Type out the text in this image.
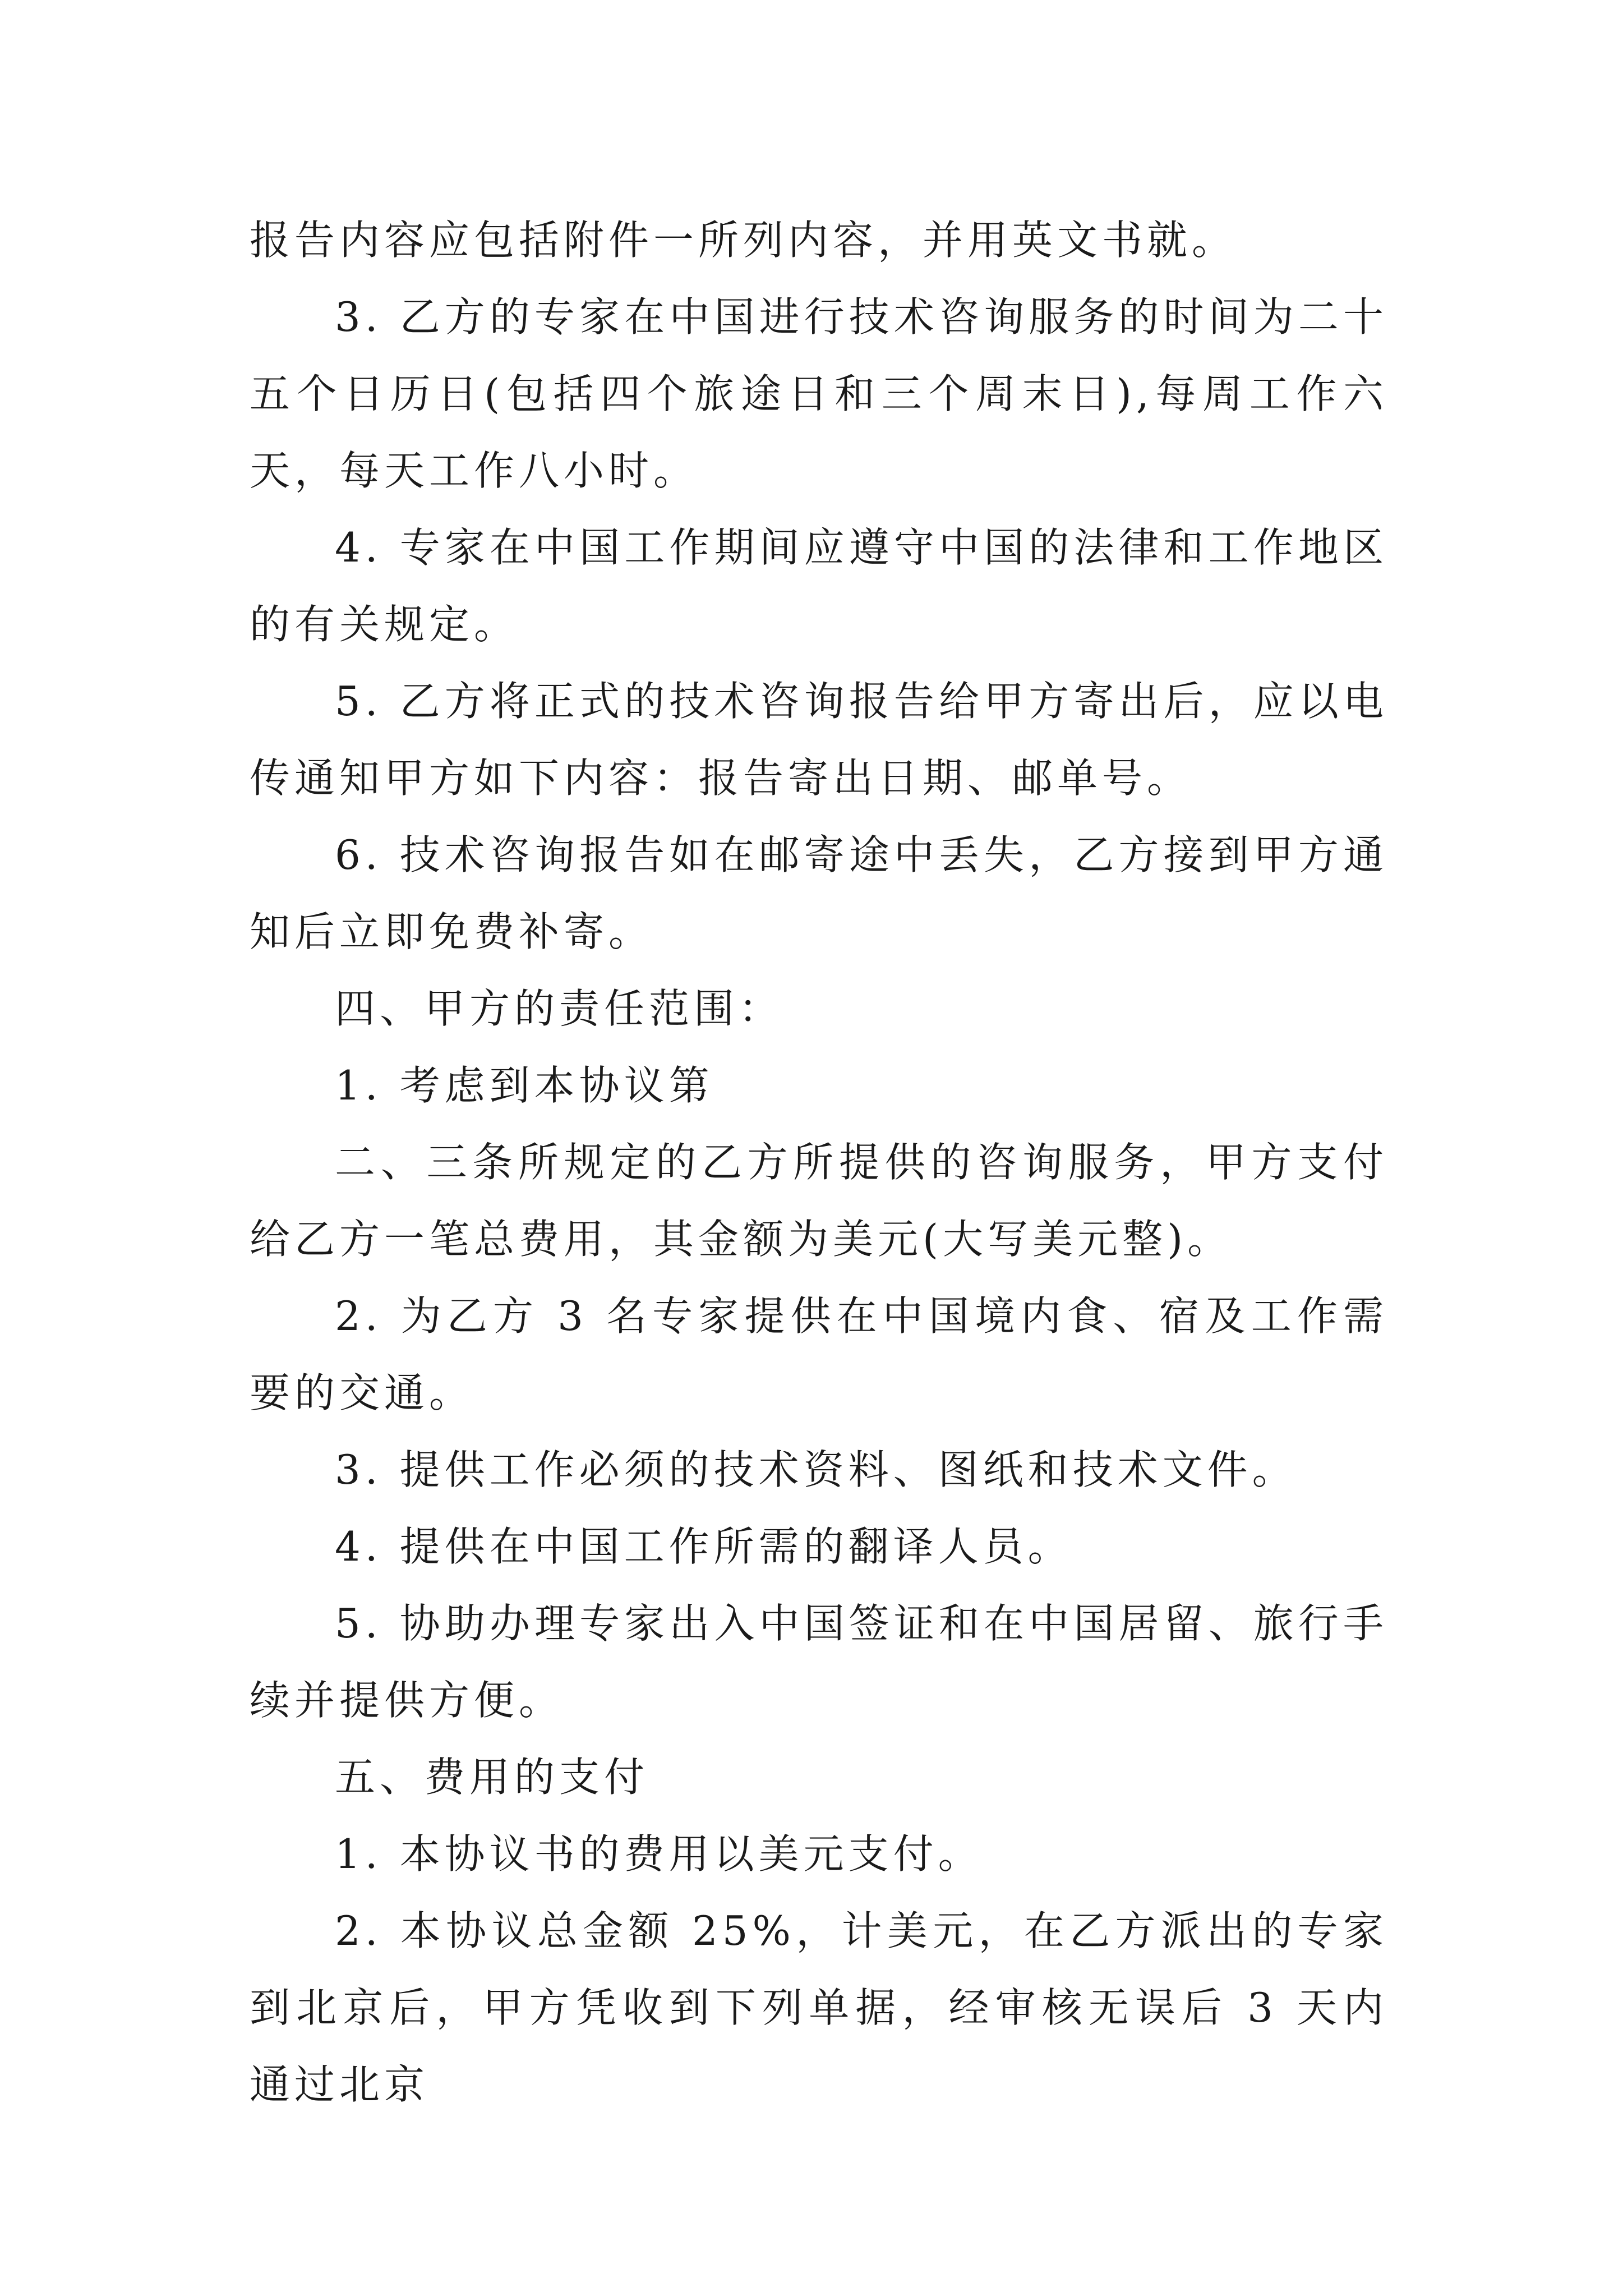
报告内容应包括附件一所列内容，并用英文书就。

3. 乙方的专家在中国进行技术咨询服务的时间为二十五个日历日(包括四个旅途日和三个周末日),每周工作六天，每天工作八小时。

4. 专家在中国工作期间应遵守中国的法律和工作地区的有关规定。

5. 乙方将正式的技术咨询报告给甲方寄出后，应以电传通知甲方如下内容：报告寄出日期、邮单号。

6. 技术咨询报告如在邮寄途中丢失，乙方接到甲方通知后立即免费补寄。

四、甲方的责任范围：

1. 考虑到本协议第

二、三条所规定的乙方所提供的咨询服务，甲方支付给乙方一笔总费用，其金额为美元(大写美元整)。

2. 为乙方 3 名专家提供在中国境内食、宿及工作需要的交通。

3. 提供工作必须的技术资料、图纸和技术文件。

4. 提供在中国工作所需的翻译人员。

5. 协助办理专家出入中国签证和在中国居留、旅行手续并提供方便。

五、费用的支付

1. 本协议书的费用以美元支付。

2. 本协议总金额 25%，计美元，在乙方派出的专家到北京后，甲方凭收到下列单据，经审核无误后 3 天内通过北京
